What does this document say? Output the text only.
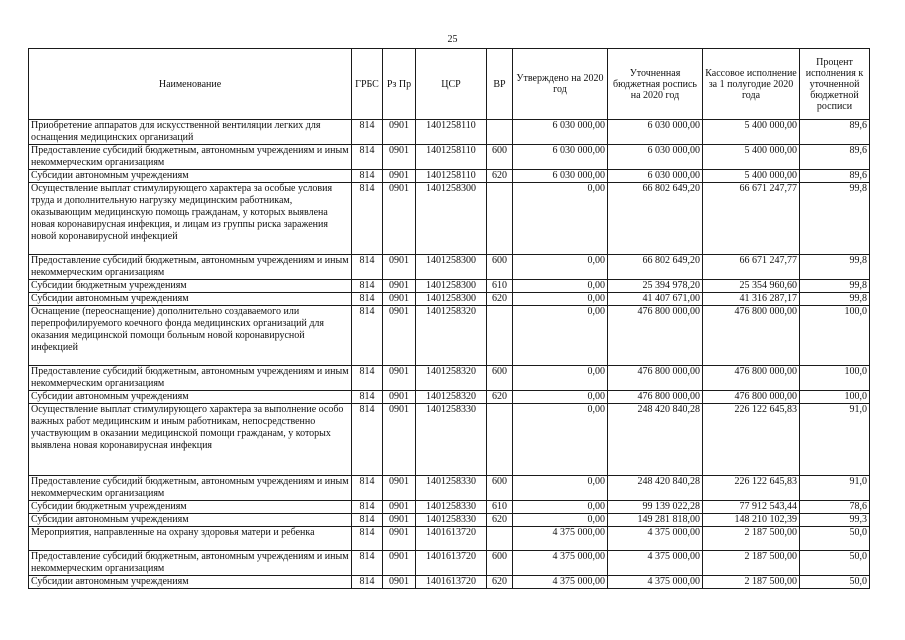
25
Наименование	ГРБС	Рз Пр	ЦСР	ВР	Утверждено на 2020 год	Уточненная бюджетная роспись на 2020 год	Кассовое исполнение за 1 полугодие 2020 года	Процент исполнения к уточненной бюджетной росписи
Приобретение аппаратов для искусственной вентиляции легких для оснащения медицинских организаций	814	0901	1401258110		6 030 000,00	6 030 000,00	5 400 000,00	89,6
Предоставление субсидий бюджетным, автономным учреждениям и иным некоммерческим организациям	814	0901	1401258110	600	6 030 000,00	6 030 000,00	5 400 000,00	89,6
Субсидии автономным учреждениям	814	0901	1401258110	620	6 030 000,00	6 030 000,00	5 400 000,00	89,6
Осуществление выплат стимулирующего характера за особые условия труда и дополнительную нагрузку медицинским работникам, оказывающим медицинскую помощь гражданам, у которых выявлена новая коронавирусная инфекция, и лицам из группы риска заражения новой коронавирусной инфекцией	814	0901	1401258300		0,00	66 802 649,20	66 671 247,77	99,8
Предоставление субсидий бюджетным, автономным учреждениям и иным некоммерческим организациям	814	0901	1401258300	600	0,00	66 802 649,20	66 671 247,77	99,8
Субсидии бюджетным учреждениям	814	0901	1401258300	610	0,00	25 394 978,20	25 354 960,60	99,8
Субсидии автономным учреждениям	814	0901	1401258300	620	0,00	41 407 671,00	41 316 287,17	99,8
Оснащение (переоснащение) дополнительно создаваемого или перепрофилируемого коечного фонда медицинских организаций для оказания медицинской помощи больным новой коронавирусной инфекцией	814	0901	1401258320		0,00	476 800 000,00	476 800 000,00	100,0
Предоставление субсидий бюджетным, автономным учреждениям и иным некоммерческим организациям	814	0901	1401258320	600	0,00	476 800 000,00	476 800 000,00	100,0
Субсидии автономным учреждениям	814	0901	1401258320	620	0,00	476 800 000,00	476 800 000,00	100,0
Осуществление выплат стимулирующего характера за выполнение особо важных работ медицинским и иным работникам, непосредственно участвующим в оказании медицинской помощи гражданам, у которых выявлена новая коронавирусная инфекция	814	0901	1401258330		0,00	248 420 840,28	226 122 645,83	91,0
Предоставление субсидий бюджетным, автономным учреждениям и иным некоммерческим организациям	814	0901	1401258330	600	0,00	248 420 840,28	226 122 645,83	91,0
Субсидии бюджетным учреждениям	814	0901	1401258330	610	0,00	99 139 022,28	77 912 543,44	78,6
Субсидии автономным учреждениям	814	0901	1401258330	620	0,00	149 281 818,00	148 210 102,39	99,3
Мероприятия, направленные на охрану здоровья матери и ребенка	814	0901	1401613720		4 375 000,00	4 375 000,00	2 187 500,00	50,0
Предоставление субсидий бюджетным, автономным учреждениям и иным некоммерческим организациям	814	0901	1401613720	600	4 375 000,00	4 375 000,00	2 187 500,00	50,0
Субсидии автономным учреждениям	814	0901	1401613720	620	4 375 000,00	4 375 000,00	2 187 500,00	50,0
